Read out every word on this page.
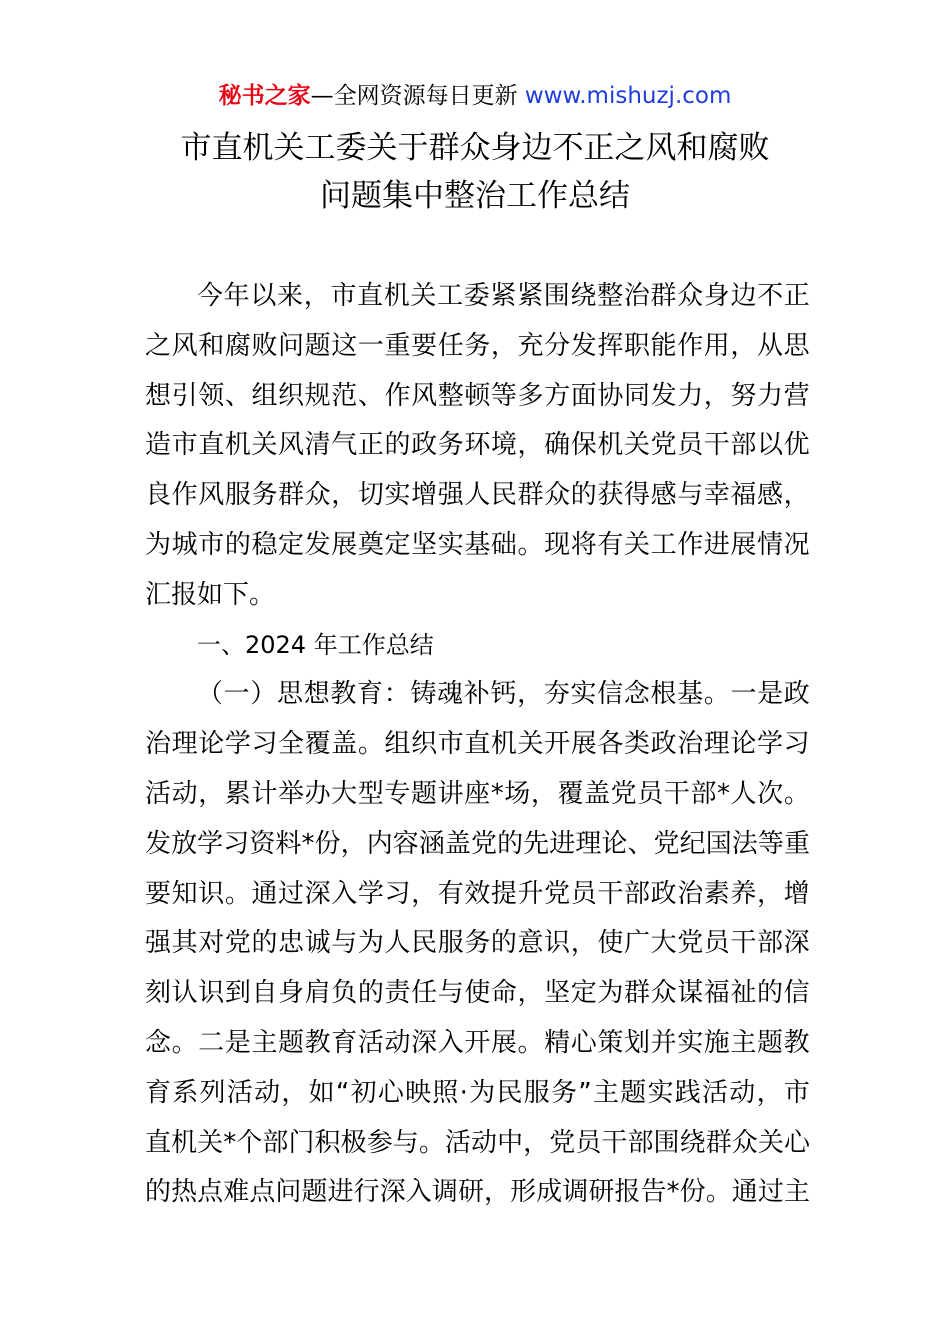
秘书之家—全网资源每日更新 www.mishuzj.com
市直机关工委关于群众身边不正之风和腐败
问题集中整治工作总结
今 年 以 来 ， 市 直 机 关 工 委 紧 紧 围 绕 整 治 群 众 身 边 不 正
之 风 和 腐 败 问 题 这 一 重 要 任 务 ， 充 分 发 挥 职 能 作 用 ， 从 思
想 引 领 、 组 织 规 范 、 作 风 整 顿 等 多 方 面 协 同 发 力 ， 努 力 营
造 市 直 机 关 风 清 气 正 的 政 务 环 境 ， 确 保 机 关 党 员 干 部 以 优
良 作 风 服 务 群 众 ， 切 实 增 强 人 民 群 众 的 获 得 感 与 幸 福 感 ，
为 城 市 的 稳 定 发 展 奠 定 坚 实 基 础 。 现 将 有 关 工 作 进 展 情 况
汇报如下。
一、2024 年工作总结
（ 一 ） 思 想 教 育 ： 铸 魂 补 钙 ， 夯 实 信 念 根 基 。 一 是 政
治 理 论 学 习 全 覆 盖 。 组 织 市 直 机 关 开 展 各 类 政 治 理 论 学 习
活 动 ， 累 计 举 办 大 型 专 题 讲 座 * 场 ， 覆 盖 党 员 干 部 * 人 次 。
发 放 学 习 资 料 * 份 ， 内 容 涵 盖 党 的 先 进 理 论 、 党 纪 国 法 等 重
要 知 识 。 通 过 深 入 学 习 ， 有 效 提 升 党 员 干 部 政 治 素 养 ， 增
强 其 对 党 的 忠 诚 与 为 人 民 服 务 的 意 识 ， 使 广 大 党 员 干 部 深
刻 认 识 到 自 身 肩 负 的 责 任 与 使 命 ， 坚 定 为 群 众 谋 福 祉 的 信
念 。 二 是 主 题 教 育 活 动 深 入 开 展 。 精 心 策 划 并 实 施 主 题 教
育 系 列 活 动 ， 如 “ 初 心 映 照 · 为 民 服 务 ” 主 题 实 践 活 动 ， 市
直 机 关 * 个 部 门 积 极 参 与 。 活 动 中 ， 党 员 干 部 围 绕 群 众 关 心
的 热 点 难 点 问 题 进 行 深 入 调 研 ， 形 成 调 研 报 告 * 份 。 通 过 主
